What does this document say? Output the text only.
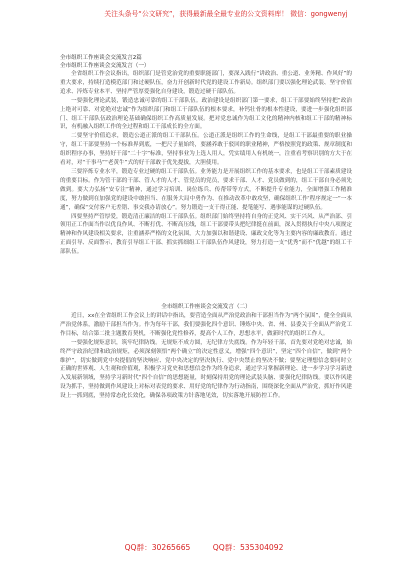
关注头条号“公文研究”，获得最新最全最专业的公文资料库！ 微信：gongwenyj
全市组织工作座谈会交流发言2篇
全市组织工作座谈会交流发言（一）

全省组织工作会议指出，组织部门是管党治党的重要职能部门，要深入践行“讲政治、重公道、业务精、作风好”的重大要求，持续打造模范部门和过硬队伍，奋力开创新时代党的建设工作新局。组织部门要以强化理论武装、坚守价值追求、淬炼专业本平、坚持严管厚爱强化自身建设，锻造过硬干部队伍。

一要强化理论武装，锻造忠诚可靠的组工干部队伍。政治建设是组织部门第一要求，组工干部要始终坚持把“政治上绝对可靠、对党绝对忠诚”作为组织部门和组工干部队伍的根本要求，补钙壮骨的根本性建设，要进一步强化组织部门、组工干部队伍政治理论基础确保组织工作高质量发展。把对党忠诚作为组工文化的精神内核和组工干部的精神标识，有机融入组织工作的全过程和组工干部成长的全方面。

二要坚守价值追求，锻造公道正派的组工干部队伍。公道正派是组织工作的生命线，是组工干部最重要的职业操守，组工干部要坚持一个标准界到底，一把尺子量始终，要涵养敢于驳回的职业精神，严格按照党的政策、规章制度和组织程序办事，坚持好干部“二十字”标准，坚持事业为上选人用人，凭实绩用人有机统一，注重看考察识别的方大于在看对，对“干事马”“老黄牛”式的好干部敢于优先提拔，大胆使用。

三要淬炼专业水平，锻造专业过硬的组工干部队伍。业务能力是开展组织工作的基本要求，也是组工干部素质建设的重要目标。作为管干部的干部、管人才的人才、管党员的党员，要求干部、人才、党员做到的，组工干部自身必须先做到。要大力弘扬“安专注”精神，通过学习培训、岗位练兵、传帮带等方式，不断提升专业能力，全面增强工作精准度，努力做到在加强党的建设中敢担当、在服务大局中勇作为、在推动改革中敢攻坚，确保组织工作‘程序规定一“一本通”，确保“交付客户无差错、事交我办请放心”。努力锻造一支干得正能、提笔能写、遇事能谋的过硬队伍。

四要坚持严管厚爱，锻造清正廉洁的组工干部队伍。组织部门始终坚持将自身的正党风、实干兴风、从严治部、引领用正工作面当作以优良作风、不断打优、不断高压线，组工干部要带头把纪律挺在前面，深入贯彻执行中央八项规定精神和作风建设相关要求，注重涵养严格的文化氛围，大力加强以和谐建设、廉政文化等为主要内容的廉政教育。通过正面引导、反面警示，教育引导组工干部、抓实抓细组工干部队伍作风建设，努力打造一支“优秀”而不“优越”的组工干部队伍。

全市组织工作座谈会交流发言（二）

近日，xx在全省组织工作会议上的讲话中指出，要营造全面从严治党政治和干部担当作为“两个氛围”，健全全面从严治党体系，激励干部担当作为。作为每年干部，我们要强化四个意识、锤炼中央、省、州、县委关于全面从严治党工作目标，结合第二批主题教育契机，不断强化党性修养，提高个人工作，思想水平，做新时代的组织工作人。

一要强化规矩意识，筑牢纪律防线。无规矩不成方圆，无纪律方失底线。作为年轻干部，首先要对党绝对忠诚，始终严守政治纪律和政治规矩，必须深刻领悟“两个确立”的决定性意义，增强“四个意识”，坚定“四个自信”，做到“两个维护”，切实做到党中央提倡的坚决响应、党中央决定的坚决执行、党中央禁止的坚决不做；要坚定理想信念要同时立正确的世界观、人生观和价值观，积极学习党史和思想信念作为终身追求，通过学习掌握新理论、进一步学习学习新进入发展新领域，坚持学习新时代“四个自信”的思想能量，时刻保持用党的理论武装头脑、要强化纪律防线。要以作风建设为抓手，坚持做到作风建设上对标对表党的要求、用好党的纪律作为行动指南，围绕深化全面从严治党，抓好作风建设上一抓到底，坚持常态化长效化，确保各项政策方针落地见效，切实落地开展防控工作。

QQ群：30265665	QQ群：535304092
